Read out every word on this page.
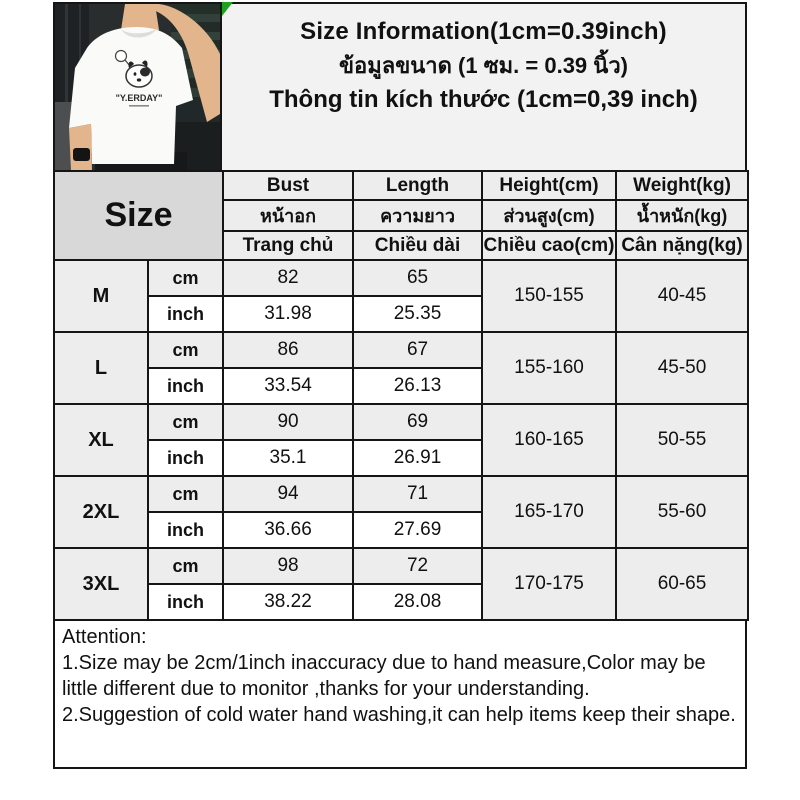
"Y.ERDAY"
Size Information(1cm=0.39inch)
ข้อมูลขนาด (1 ซม. = 0.39 นิ้ว)
Thông tin kích thước (1cm=0,39 inch)
Size		Bust	Length	Height(cm)	Weight(kg)
		หน้าอก	ความยาว	ส่วนสูง(cm)	น้ำหนัก(kg)
		Trang chủ	Chiều dài	Chiều cao(cm)	Cân nặng(kg)
M	cm	82	65	150-155	40-45
	inch	31.98	25.35		
L	cm	86	67	155-160	45-50
	inch	33.54	26.13		
XL	cm	90	69	160-165	50-55
	inch	35.1	26.91		
2XL	cm	94	71	165-170	55-60
	inch	36.66	27.69		
3XL	cm	98	72	170-175	60-65
	inch	38.22	28.08		
Attention:
1.Size may be 2cm/1inch inaccuracy due to hand measure,Color may be little different due to monitor ,thanks for your understanding.
2.Suggestion of cold water hand washing,it can help items keep their shape.
